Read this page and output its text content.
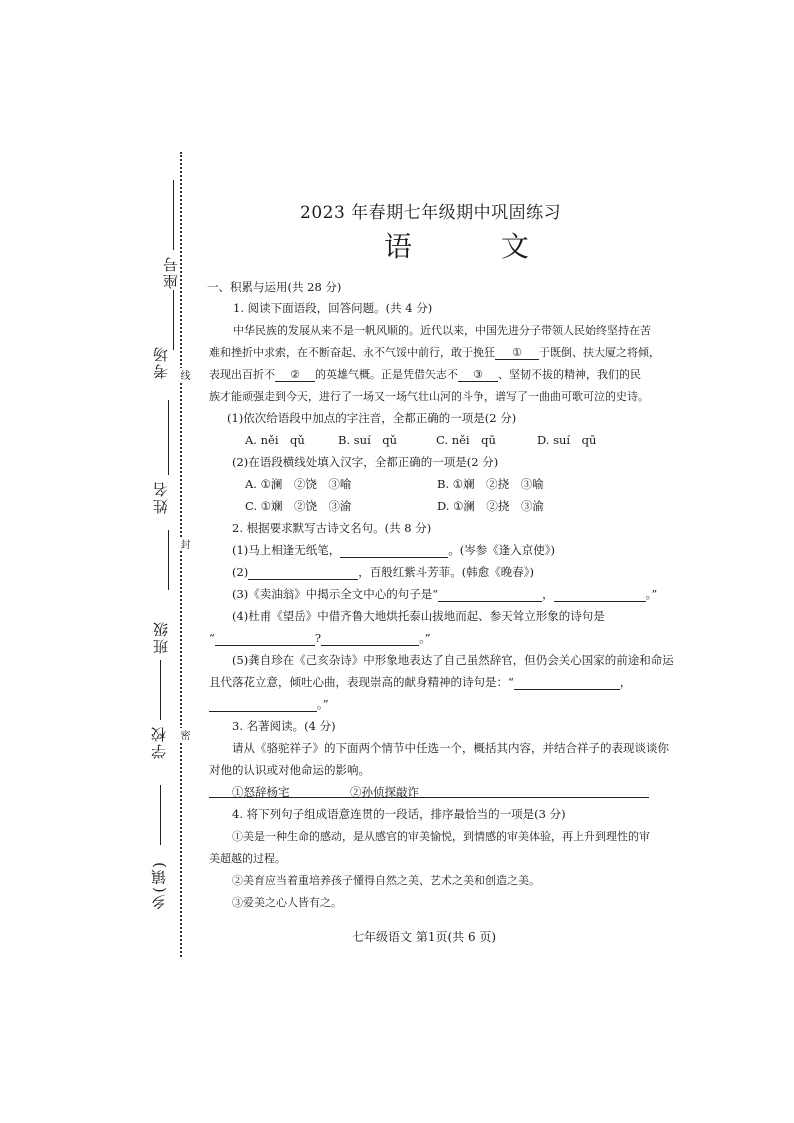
座号
考场
姓名
班级
学校
乡(镇)
线
封
密
2023 年春期七年级期中巩固练习
语 文
一、积累与运用(共 28 分)
1. 阅读下面语段，回答问题。(共 4 分)
中华民族的发展从来不是一帆风顺的。近代以来，中国先进分子带领人民始终坚持在苦
难和挫折中求索，在不断奋起、永不气馁中前行，敢于挽狂 ① 于既倒、扶大厦之将倾，
表现出百折不 ② 的英雄气概。正是凭借矢志不 ③ 、坚韧不拔的精神，我们的民
族才能顽强走到今天，进行了一场又一场气壮山河的斗争，谱写了一曲曲可歌可泣的史诗。
(1)依次给语段中加点的字注音，全都正确的一项是(2 分)
A. něi　qǔ	B. suí　qǔ	C. něi　qū	D. suí　qū
(2)在语段横线处填入汉字，全都正确的一项是(2 分)
A. ①澜　②饶　③喻	B. ①斓　②挠　③喻
C. ①斓　②饶　③渝	D. ①澜　②挠　③渝
2. 根据要求默写古诗文名句。(共 8 分)
(1)马上相逢无纸笔，	。(岑参《逢入京使》)
(2)	，百般红紫斗芳菲。(韩愈《晚春》)
(3)《卖油翁》中揭示全文中心的句子是“	，	。”
(4)杜甫《望岳》中借齐鲁大地烘托泰山拔地而起、参天耸立形象的诗句是
“	?	。”
(5)龚自珍在《己亥杂诗》中形象地表达了自己虽然辞官，但仍会关心国家的前途和命运
且代落花立意，倾吐心曲，表现崇高的献身精神的诗句是：“	，
。”
3. 名著阅读。(4 分)
请从《骆驼祥子》的下面两个情节中任选一个，概括其内容，并结合祥子的表现谈谈你
对他的认识或对他命运的影响。
①怒辞杨宅	②孙侦探敲诈
4. 将下列句子组成语意连贯的一段话，排序最恰当的一项是(3 分)
①美是一种生命的感动，是从感官的审美愉悦，到情感的审美体验，再上升到理性的审
美超越的过程。
②美育应当着重培养孩子懂得自然之美、艺术之美和创造之美。
③爱美之心人皆有之。
七年级语文 第1页(共 6 页)
